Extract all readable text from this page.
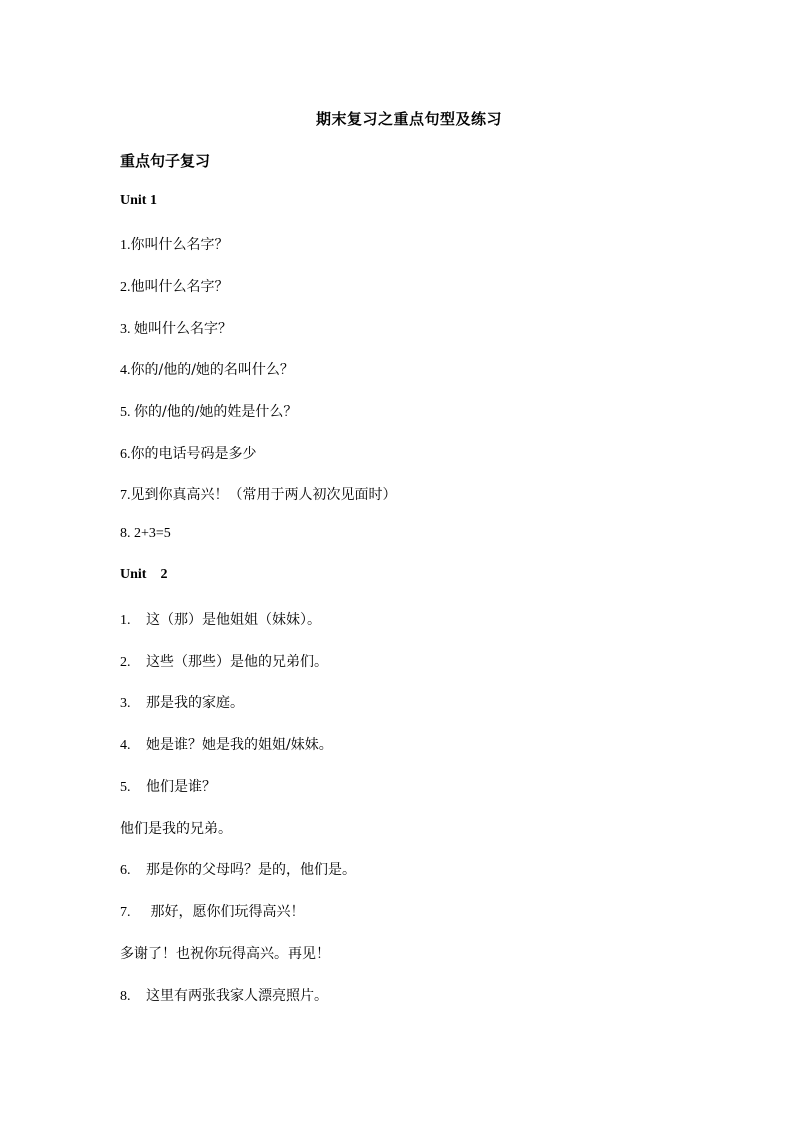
期末复习之重点句型及练习
重点句子复习
Unit 1
1.你叫什么名字？
2.他叫什么名字？
3. 她叫什么名字？
4.你的/他的/她的名叫什么？
5. 你的/他的/她的姓是什么？
6.你的电话号码是多少
7.见到你真高兴！（常用于两人初次见面时）
8. 2+3=5
Unit    2
1. 这（那）是他姐姐（妹妹）。
2. 这些（那些）是他的兄弟们。
3. 那是我的家庭。
4. 她是谁？她是我的姐姐/妹妹。
5. 他们是谁？
他们是我的兄弟。
6. 那是你的父母吗？是的，他们是。
7. 那好，愿你们玩得高兴！
多谢了！也祝你玩得高兴。再见！
8. 这里有两张我家人漂亮照片。
